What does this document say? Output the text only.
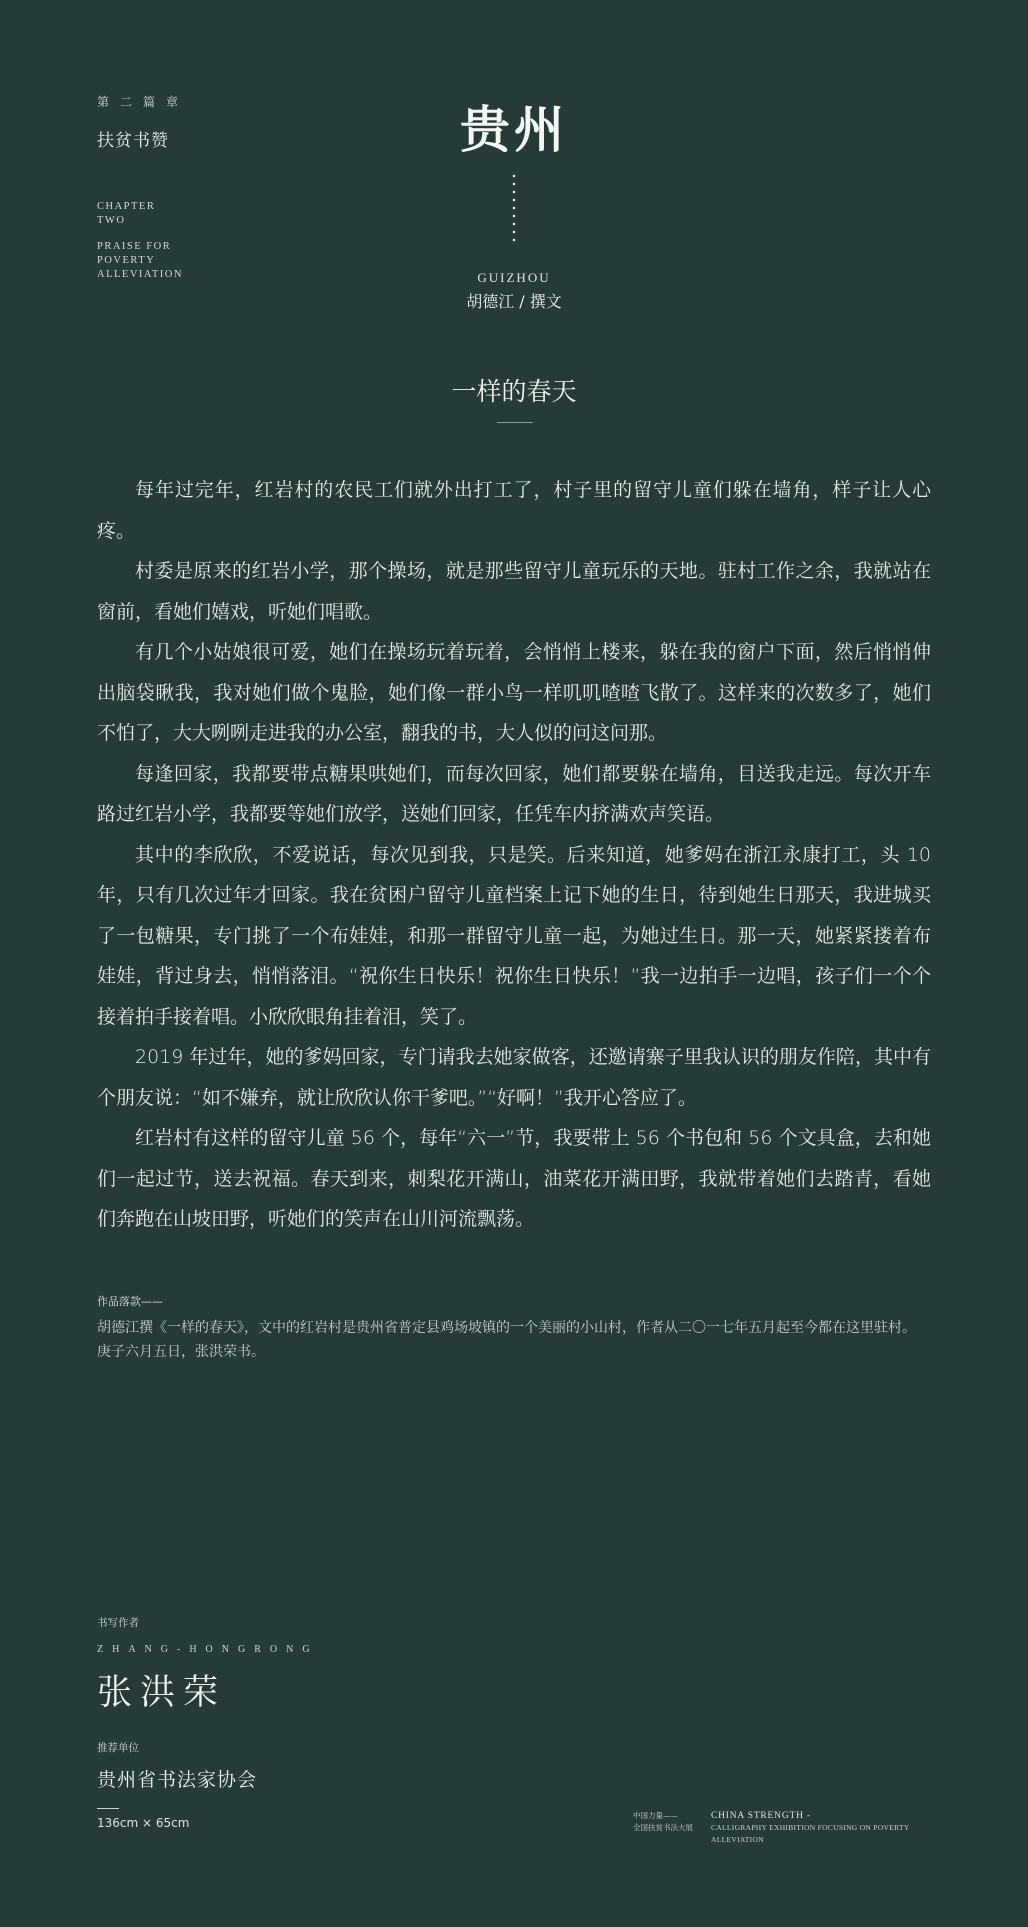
第二篇章
扶贫书赞
CHAPTER
TWO
PRAISE FOR
POVERTY
ALLEVIATION
贵州
GUIZHOU
胡德江 / 撰文
一样的春天

每年过完年，红岩村的农民工们就外出打工了，村子里的留守儿童们躲在墙角，样子让人心疼。

村委是原来的红岩小学，那个操场，就是那些留守儿童玩乐的天地。驻村工作之余，我就站在窗前，看她们嬉戏，听她们唱歌。

有几个小姑娘很可爱，她们在操场玩着玩着，会悄悄上楼来，躲在我的窗户下面，然后悄悄伸出脑袋瞅我，我对她们做个鬼脸，她们像一群小鸟一样叽叽喳喳飞散了。这样来的次数多了，她们不怕了，大大咧咧走进我的办公室，翻我的书，大人似的问这问那。

每逢回家，我都要带点糖果哄她们，而每次回家，她们都要躲在墙角，目送我走远。每次开车路过红岩小学，我都要等她们放学，送她们回家，任凭车内挤满欢声笑语。

其中的李欣欣，不爱说话，每次见到我，只是笑。后来知道，她爹妈在浙江永康打工，头 10 年，只有几次过年才回家。我在贫困户留守儿童档案上记下她的生日，待到她生日那天，我进城买了一包糖果，专门挑了一个布娃娃，和那一群留守儿童一起，为她过生日。那一天，她紧紧搂着布娃娃，背过身去，悄悄落泪。“祝你生日快乐！祝你生日快乐！”我一边拍手一边唱，孩子们一个个接着拍手接着唱。小欣欣眼角挂着泪，笑了。

2019 年过年，她的爹妈回家，专门请我去她家做客，还邀请寨子里我认识的朋友作陪，其中有个朋友说：“如不嫌弃，就让欣欣认你干爹吧。”“好啊！”我开心答应了。

红岩村有这样的留守儿童 56 个，每年“六一”节，我要带上 56 个书包和 56 个文具盒，去和她们一起过节，送去祝福。春天到来，刺梨花开满山，油菜花开满田野，我就带着她们去踏青，看她们奔跑在山坡田野，听她们的笑声在山川河流飘荡。

作品落款——
胡德江撰《一样的春天》，文中的红岩村是贵州省普定县鸡场坡镇的一个美丽的小山村，作者从二〇一七年五月起至今都在这里驻村。庚子六月五日，张洪荣书。
书写作者
ZHANG-HONGRONG
张洪荣
推荐单位
贵州省书法家协会
136cm × 65cm
中国力量——
全国扶贫书法大展
CHINA STRENGTH -
CALLIGRAPHY EXHIBITION FOCUSING ON POVERTY ALLEVIATION
